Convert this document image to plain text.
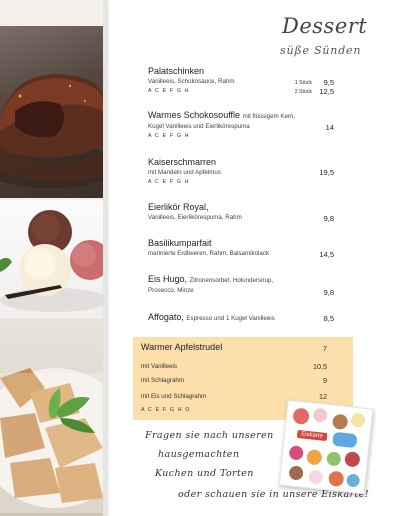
Dessert
süße Sünden
Palatschinken
Vanilleeis, Schokosauce, Rahm
A C E F G H
1 Stück	9,5
2 Stück 12,5
Warmes Schokosouffle mit flüssigem Kern,
Kugel Vanilleeis und Eierlikörespuma
A C E F G H
14
Kaiserschmarren
mit Mandeln und Apfelmus
A C E F G H
19,5
Eierlikör Royal,
Vanilleeis, Eierlikörespuma, Rahm	9,8
Basilikumparfait
marinierte Erdbeeren, Rahm, Balsamikolack	14,5
Eis Hugo, Zitronensorbet, Holundersirup,
Prosecco, Minze	9,8
Affogato, Espresso und 1 Kugel Vanilleeis	8,5
Warmer Apfelstrudel	7
mit Vanilleeis	10,5
mit Schlagrahm	9
mit Eis und Schlagrahm	12
A C E F G H O
Fragen sie nach unseren
hausgemachten
Kuchen und Torten
oder schauen sie in unsere Eiskarte!
Eiskarte
